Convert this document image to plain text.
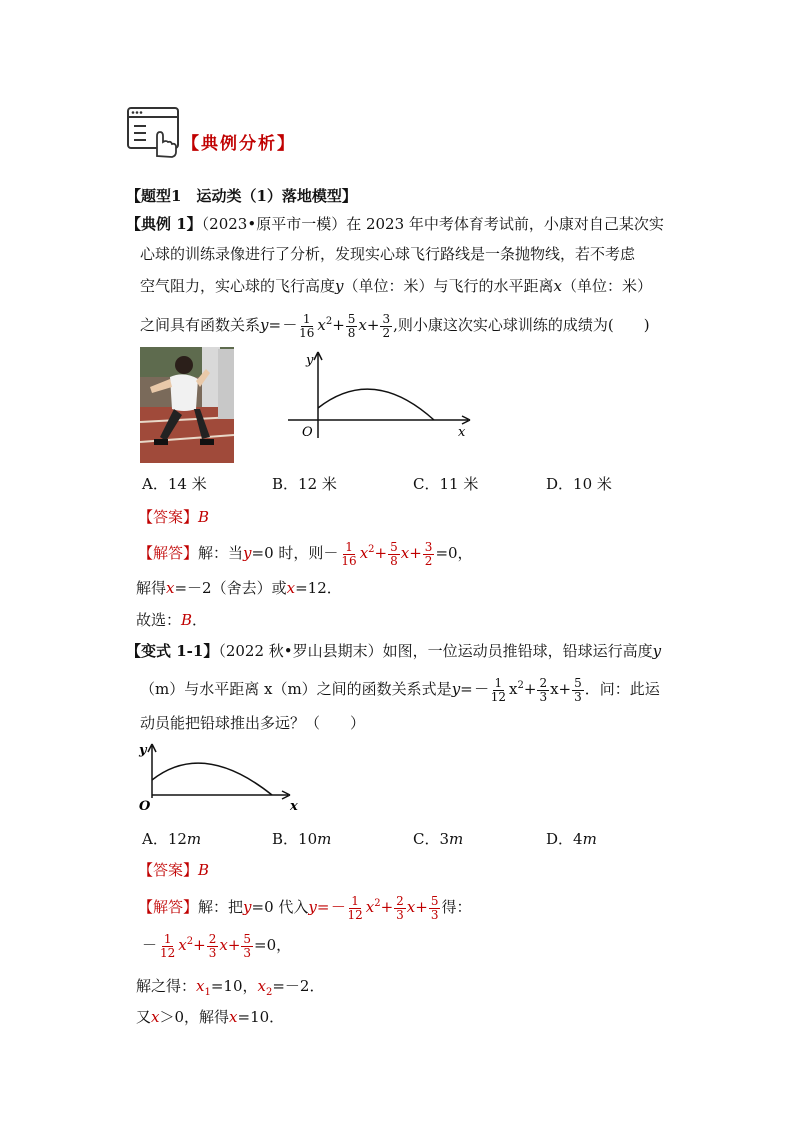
【典例分析】
【题型1　运动类（1）落地模型】
【典例 1】（2023•原平市一模）在 2023 年中考体育考试前，小康对自己某次实
心球的训练录像进行了分析，发现实心球飞行路线是一条抛物线，若不考虑
空气阻力，实心球的飞行高度y（单位：米）与飞行的水平距离x（单位：米）
之间具有函数关系$y=- \frac{1}{16} x^2+ \frac{5}{8} x+ \frac{3}{2}$ ,则小康这次实心球训练的成绩为(　　)
y
x
O
A．14 米	B．12 米	C．11 米	D．10 米
【答案】B
【解答】解：当y=0 时，则－ $\frac{1}{16} x^2+ \frac{5}{8} x+ \frac{3}{2} =0$，
解得x=－2（舍去）或x=12．
故选：B．
【变式 1-1】（2022 秋•罗山县期末）如图，一位运动员推铅球，铅球运行高度y
（m）与水平距离 x（m）之间的函数关系式是$y=- \frac{1}{12} x^2+ \frac{2}{3} x+ \frac{5}{3}$ ．问：此运
动员能把铅球推出多远？（　　）
y
x
O
A．12m	B．10m	C．3m	D．4m
【答案】B
【解答】解：把y=0 代入$y=- \frac{1}{12} x^2+ \frac{2}{3} x+ \frac{5}{3}$ 得：
－ $\frac{1}{12} x^2+ \frac{2}{3} x+ \frac{5}{3} =0$，
解之得：$x_1=10$，$x_2=-2$．
又x＞0，解得x=10．
